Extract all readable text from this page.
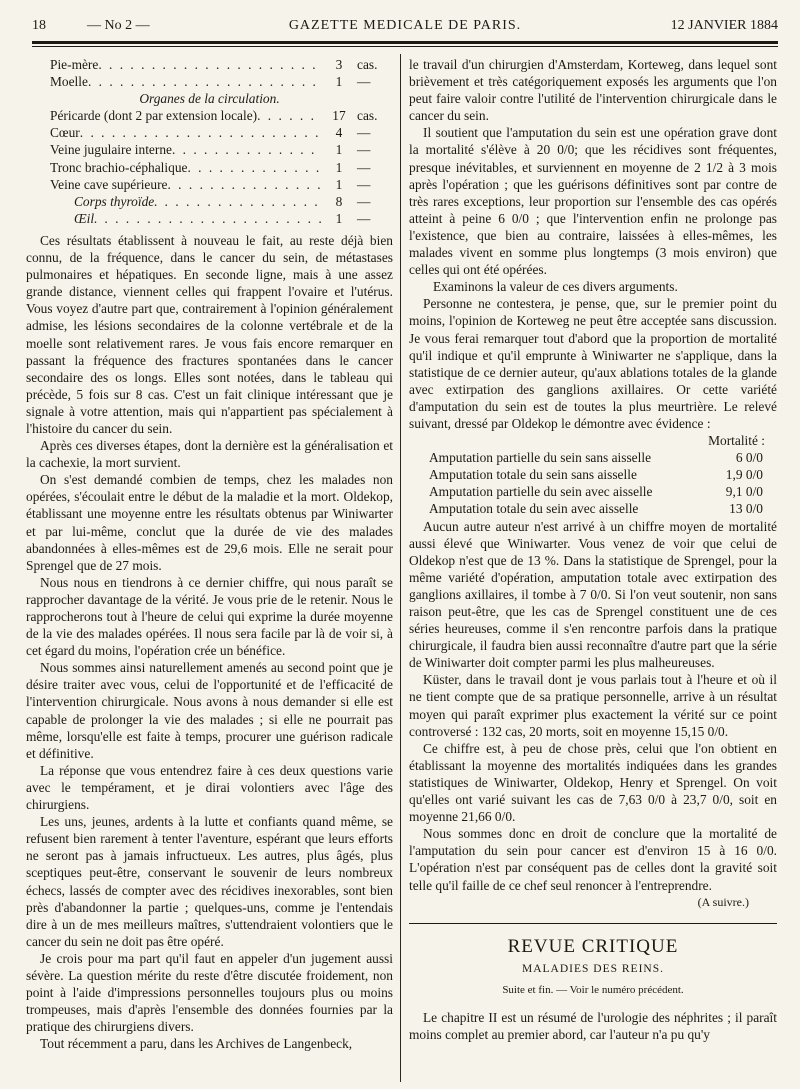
18	— No 2 —	GAZETTE MEDICALE DE PARIS.	12 JANVIER 1884
Pie-mère . . .	3	cas.
Moelle . . .	1	—
Organes de la circulation.
Péricarde (dont 2 par extension locale) . . .	17 cas.
Cœur . . .	4	—
Veine jugulaire interne . . .	1	—
Tronc brachio-céphalique . . .	1	—
Veine cave supérieure . . .	1	—
Corps thyroïde . . .	8	—
Œil . . .	1	—

Ces résultats établissent à nouveau le fait, au reste déjà bien connu, de la fréquence, dans le cancer du sein, de métastases pulmonaires et hépatiques. En seconde ligne, mais à une assez grande distance, viennent celles qui frappent l'ovaire et l'utérus. Vous voyez d'autre part que, contrairement à l'opinion généralement admise, les lésions secondaires de la colonne vertébrale et de la moelle sont relativement rares. Je vous fais encore remarquer en passant la fréquence des fractures spontanées dans le cancer secondaire des os longs. Elles sont notées, dans le tableau qui précède, 5 fois sur 8 cas. C'est un fait clinique intéressant que je signale à votre attention, mais qui n'appartient pas spécialement à l'histoire du cancer du sein.

Après ces diverses étapes, dont la dernière est la généralisation et la cachexie, la mort survient.

On s'est demandé combien de temps, chez les malades non opérées, s'écoulait entre le début de la maladie et la mort. Oldekop, établissant une moyenne entre les résultats obtenus par Winiwarter et par lui-même, conclut que la durée de vie des malades abandonnées à elles-mêmes est de 29,6 mois. Elle ne serait pour Sprengel que de 27 mois.

Nous nous en tiendrons à ce dernier chiffre, qui nous paraît se rapprocher davantage de la vérité. Je vous prie de le retenir. Nous le rapprocherons tout à l'heure de celui qui exprime la durée moyenne de la vie des malades opérées. Il nous sera facile par là de voir si, à cet égard du moins, l'opération crée un bénéfice.

Nous sommes ainsi naturellement amenés au second point que je désire traiter avec vous, celui de l'opportunité et de l'efficacité de l'intervention chirurgicale. Nous avons à nous demander si elle est capable de prolonger la vie des malades ; si elle ne pourrait pas même, lorsqu'elle est faite à temps, procurer une guérison radicale et définitive.

La réponse que vous entendrez faire à ces deux questions varie avec le tempérament, et je dirai volontiers avec l'âge des chirurgiens.

Les uns, jeunes, ardents à la lutte et confiants quand même, se refusent bien rarement à tenter l'aventure, espérant que leurs efforts ne seront pas à jamais infructueux. Les autres, plus âgés, plus sceptiques peut-être, conservant le souvenir de leurs nombreux échecs, lassés de compter avec des récidives inexorables, sont bien près d'abandonner la partie ; quelques-uns, comme je l'entendais dire à un de mes meilleurs maîtres, s'uttendraient volontiers que le cancer du sein ne doit pas être opéré.

Je crois pour ma part qu'il faut en appeler d'un jugement aussi sévère. La question mérite du reste d'être discutée froidement, non point à l'aide d'impressions personnelles toujours plus ou moins trompeuses, mais d'après l'ensemble des données fournies par la pratique des chirurgiens divers.

Tout récemment a paru, dans les Archives de Langenbeck,

le travail d'un chirurgien d'Amsterdam, Korteweg, dans lequel sont brièvement et très catégoriquement exposés les arguments que l'on peut faire valoir contre l'utilité de l'intervention chirurgicale dans le cancer du sein.

Il soutient que l'amputation du sein est une opération grave dont la mortalité s'élève à 20 0/0; que les récidives sont fréquentes, presque inévitables, et surviennent en moyenne de 2 1/2 à 3 mois après l'opération ; que les guérisons définitives sont par contre de très rares exceptions, leur proportion sur l'ensemble des cas opérés atteint à peine 6 0/0 ; que l'intervention enfin ne prolonge pas l'existence, que bien au contraire, laissées à elles-mêmes, les malades vivent en somme plus longtemps (3 mois environ) que celles qui ont été opérées.

Examinons la valeur de ces divers arguments.

Personne ne contestera, je pense, que, sur le premier point du moins, l'opinion de Korteweg ne peut être acceptée sans discussion. Je vous ferai remarquer tout d'abord que la proportion de mortalité qu'il indique et qu'il emprunte à Winiwarter ne s'applique, dans la statistique de ce dernier auteur, qu'aux ablations totales de la glande avec extirpation des ganglions axillaires. Or cette variété d'amputation du sein est de toutes la plus meurtrière. Le relevé suivant, dressé par Oldekop le démontre avec évidence :

Mortalité :
Amputation partielle du sein sans aisselle	6 0/0
Amputation totale du sein sans aisselle	1,9 0/0
Amputation partielle du sein avec aisselle	9,1 0/0
Amputation totale du sein avec aisselle	13 0/0

Aucun autre auteur n'est arrivé à un chiffre moyen de mortalité aussi élevé que Winiwarter. Vous venez de voir que celui de Oldekop n'est que de 13 %. Dans la statistique de Sprengel, pour la même variété d'opération, amputation totale avec extirpation des ganglions axillaires, il tombe à 7 0/0. Si l'on veut soutenir, non sans raison peut-être, que les cas de Sprengel constituent une de ces séries heureuses, comme il s'en rencontre parfois dans la pratique chirurgicale, il faudra bien aussi reconnaître d'autre part que la série de Winiwarter doit compter parmi les plus malheureuses.

Küster, dans le travail dont je vous parlais tout à l'heure et où il ne tient compte que de sa pratique personnelle, arrive à un résultat moyen qui paraît exprimer plus exactement la vérité sur ce point controversé : 132 cas, 20 morts, soit en moyenne 15,15 0/0.

Ce chiffre est, à peu de chose près, celui que l'on obtient en établissant la moyenne des mortalités indiquées dans les grandes statistiques de Winiwarter, Oldekop, Henry et Sprengel. On voit qu'elles ont varié suivant les cas de 7,63 0/0 à 23,7 0/0, soit en moyenne 21,66 0/0.

Nous sommes donc en droit de conclure que la mortalité de l'amputation du sein pour cancer est d'environ 15 à 16 0/0. L'opération n'est par conséquent pas de celles dont la gravité soit telle qu'il faille de ce chef seul renoncer à l'entreprendre.

(A suivre.)
REVUE CRITIQUE
MALADIES DES REINS.
Suite et fin. — Voir le numéro précédent.

Le chapitre II est un résumé de l'urologie des néphrites ; il paraît moins complet au premier abord, car l'auteur n'a pu qu'y
